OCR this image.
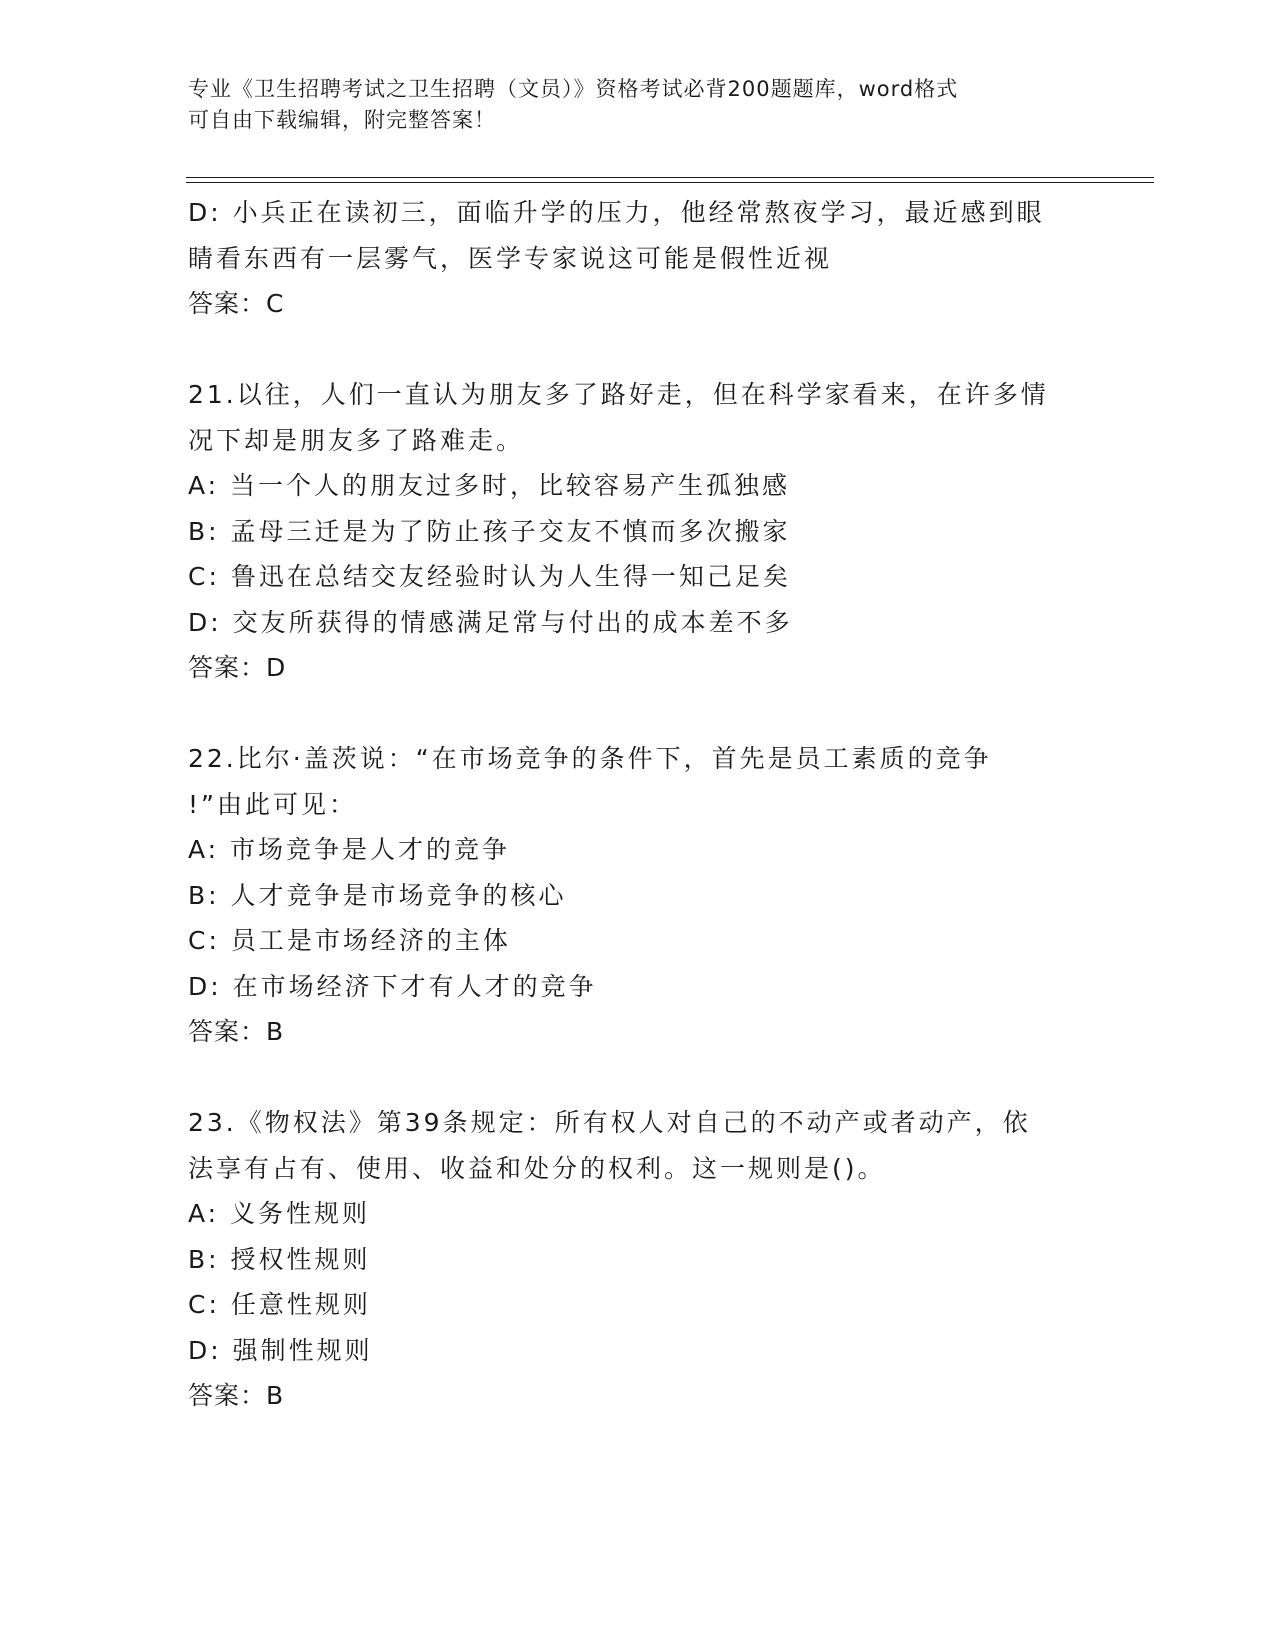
专业《卫生招聘考试之卫生招聘（文员）》资格考试必背200题题库，word格式
可自由下载编辑，附完整答案！
D: 小兵正在读初三，面临升学的压力，他经常熬夜学习，最近感到眼
睛看东西有一层雾气，医学专家说这可能是假性近视
答案：C
21.以往，人们一直认为朋友多了路好走，但在科学家看来，在许多情
况下却是朋友多了路难走。
A: 当一个人的朋友过多时，比较容易产生孤独感
B: 孟母三迁是为了防止孩子交友不慎而多次搬家
C: 鲁迅在总结交友经验时认为人生得一知己足矣
D: 交友所获得的情感满足常与付出的成本差不多
答案：D
22.比尔·盖茨说：“在市场竞争的条件下，首先是员工素质的竞争
!”由此可见：
A: 市场竞争是人才的竞争
B: 人才竞争是市场竞争的核心
C: 员工是市场经济的主体
D: 在市场经济下才有人才的竞争
答案：B
23.《物权法》第39条规定：所有权人对自己的不动产或者动产，依
法享有占有、使用、收益和处分的权利。这一规则是()。
A: 义务性规则
B: 授权性规则
C: 任意性规则
D: 强制性规则
答案：B
